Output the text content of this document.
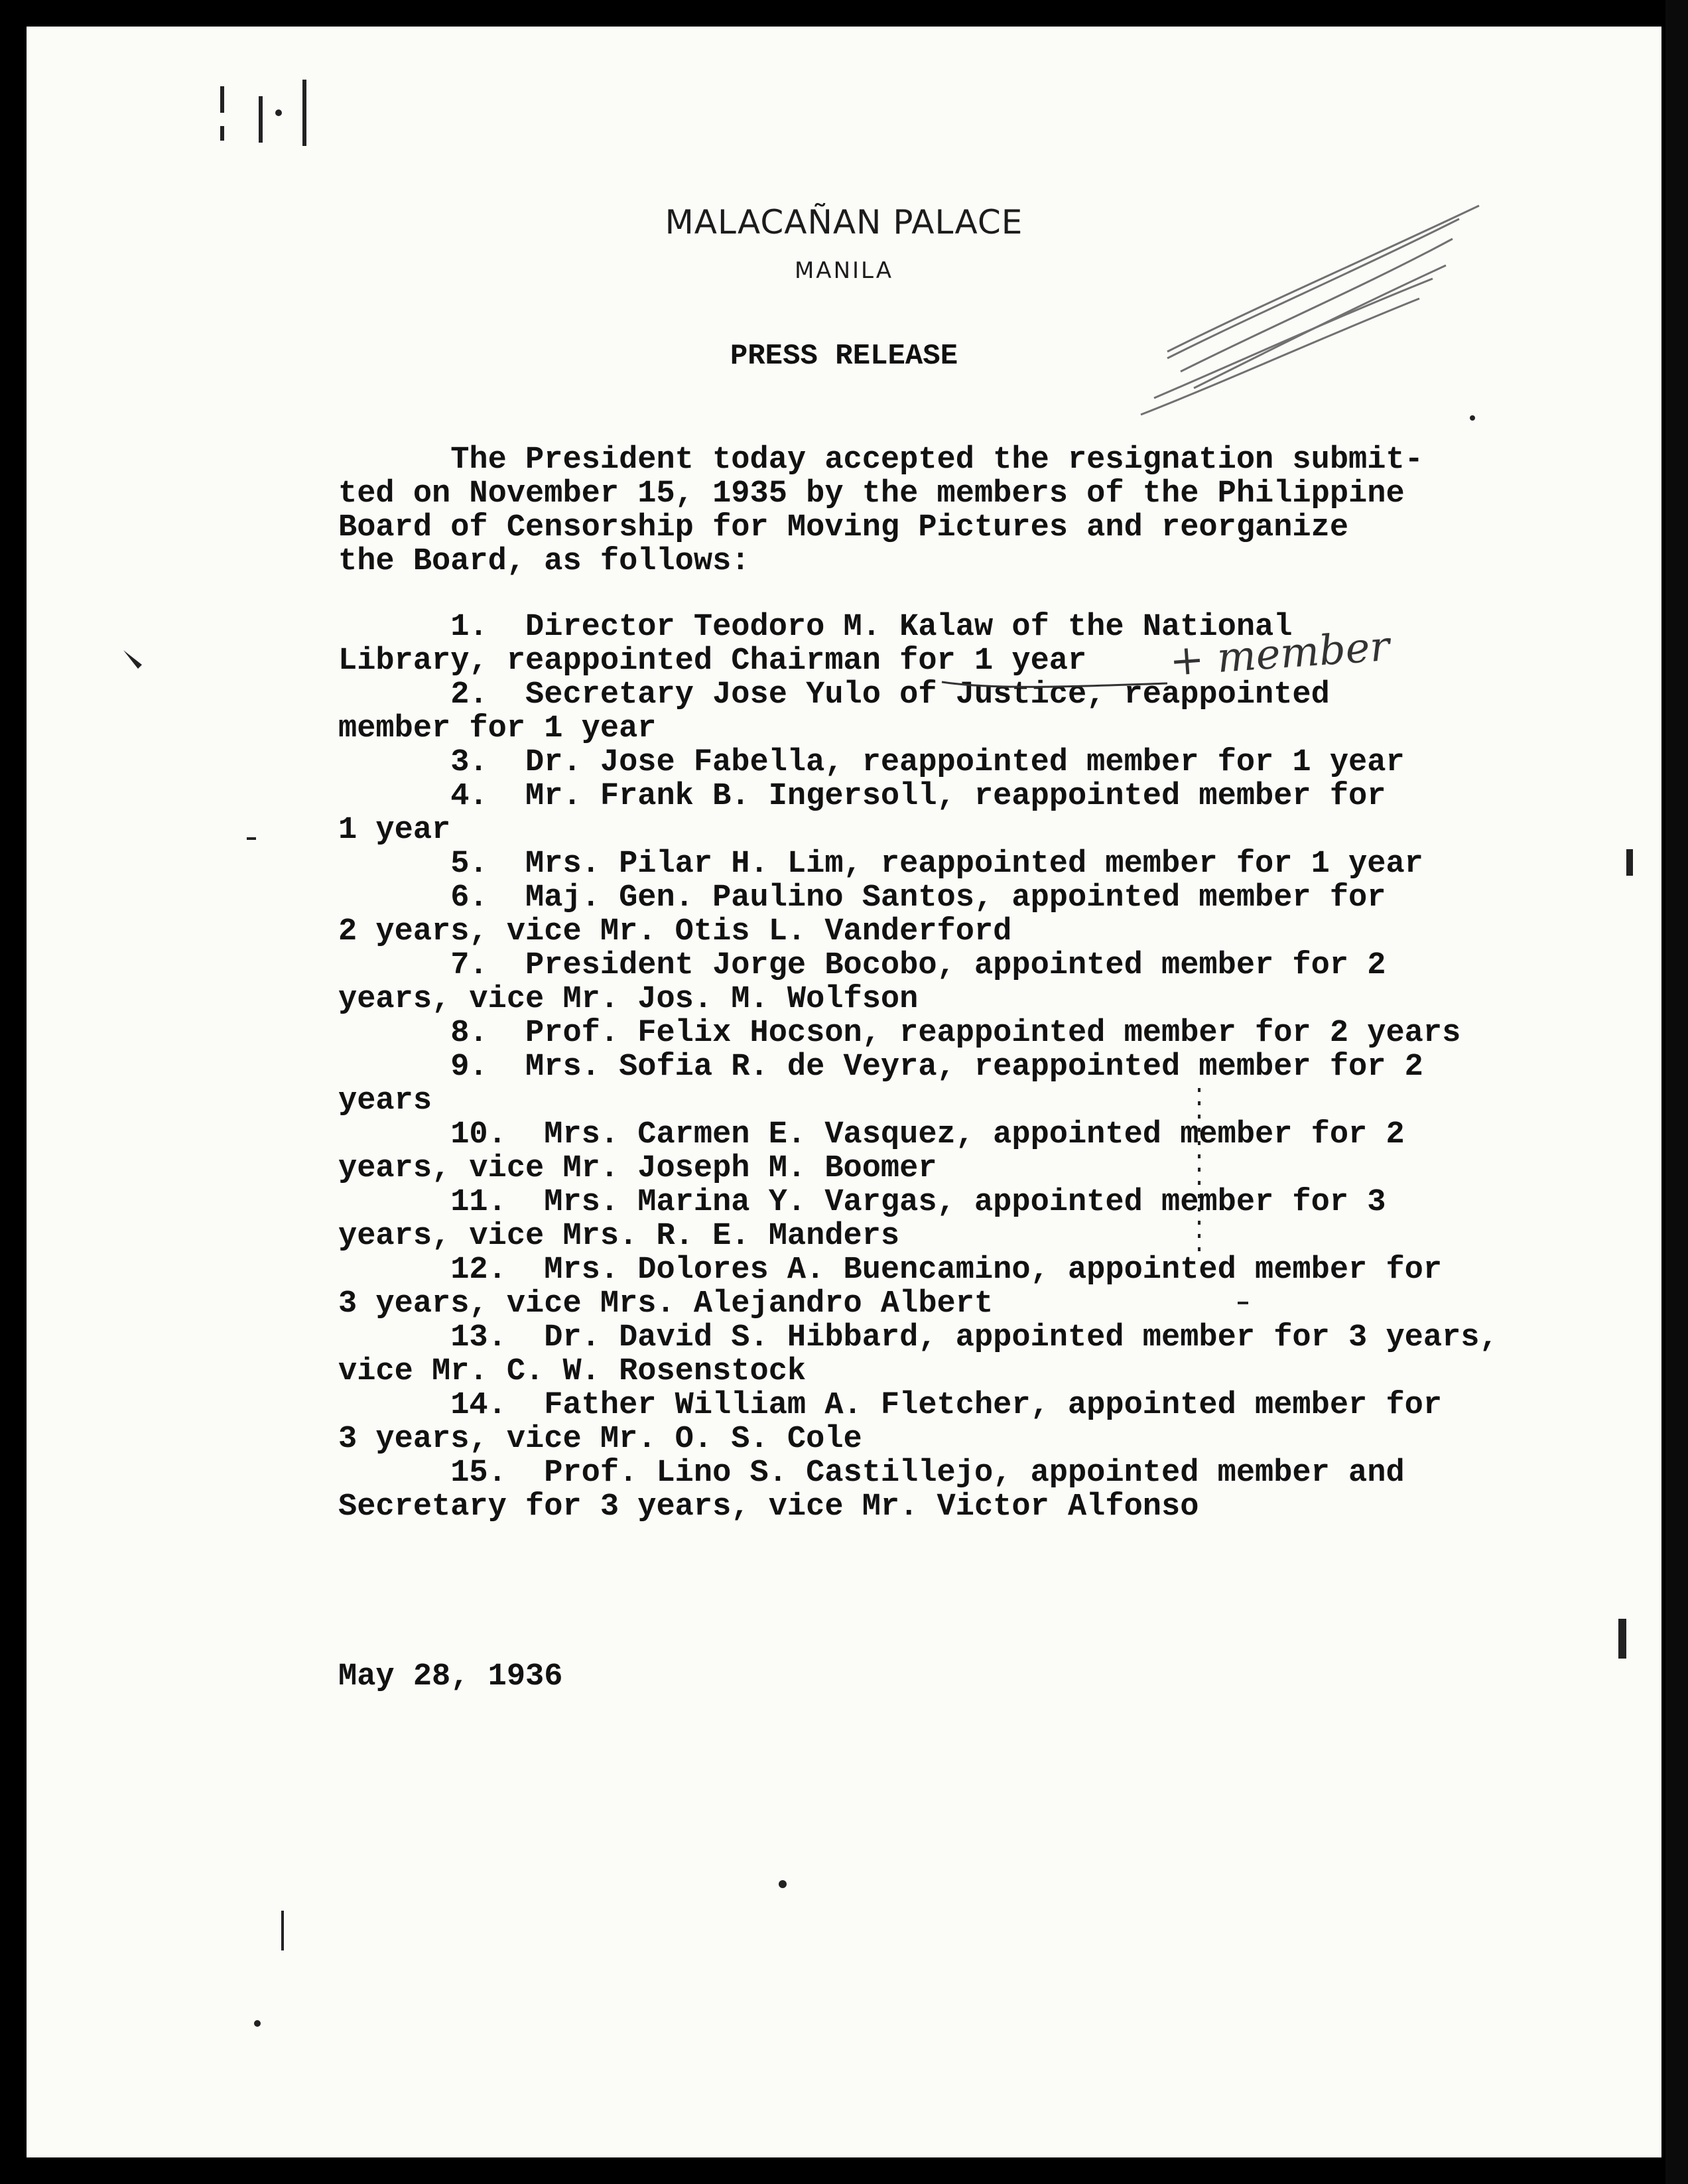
MALACAÑAN PALACE
MANILA
PRESS RELEASE
The President today accepted the resignation submit-
ted on November 15, 1935 by the members of the Philippine
Board of Censorship for Moving Pictures and reorganize
the Board, as follows:
1.  Director Teodoro M. Kalaw of the National
Library, reappointed Chairman for 1 year
2.  Secretary Jose Yulo of Justice, reappointed
member for 1 year
3.  Dr. Jose Fabella, reappointed member for 1 year
4.  Mr. Frank B. Ingersoll, reappointed member for
1 year
5.  Mrs. Pilar H. Lim, reappointed member for 1 year
6.  Maj. Gen. Paulino Santos, appointed member for
2 years, vice Mr. Otis L. Vanderford
7.  President Jorge Bocobo, appointed member for 2
years, vice Mr. Jos. M. Wolfson
8.  Prof. Felix Hocson, reappointed member for 2 years
9.  Mrs. Sofia R. de Veyra, reappointed member for 2
years
10.  Mrs. Carmen E. Vasquez, appointed member for 2
years, vice Mr. Joseph M. Boomer
11.  Mrs. Marina Y. Vargas, appointed member for 3
years, vice Mrs. R. E. Manders
12.  Mrs. Dolores A. Buencamino, appointed member for
3 years, vice Mrs. Alejandro Albert
13.  Dr. David S. Hibbard, appointed member for 3 years,
vice Mr. C. W. Rosenstock
14.  Father William A. Fletcher, appointed member for
3 years, vice Mr. O. S. Cole
15.  Prof. Lino S. Castillejo, appointed member and
Secretary for 3 years, vice Mr. Victor Alfonso
May 28, 1936
+ member
